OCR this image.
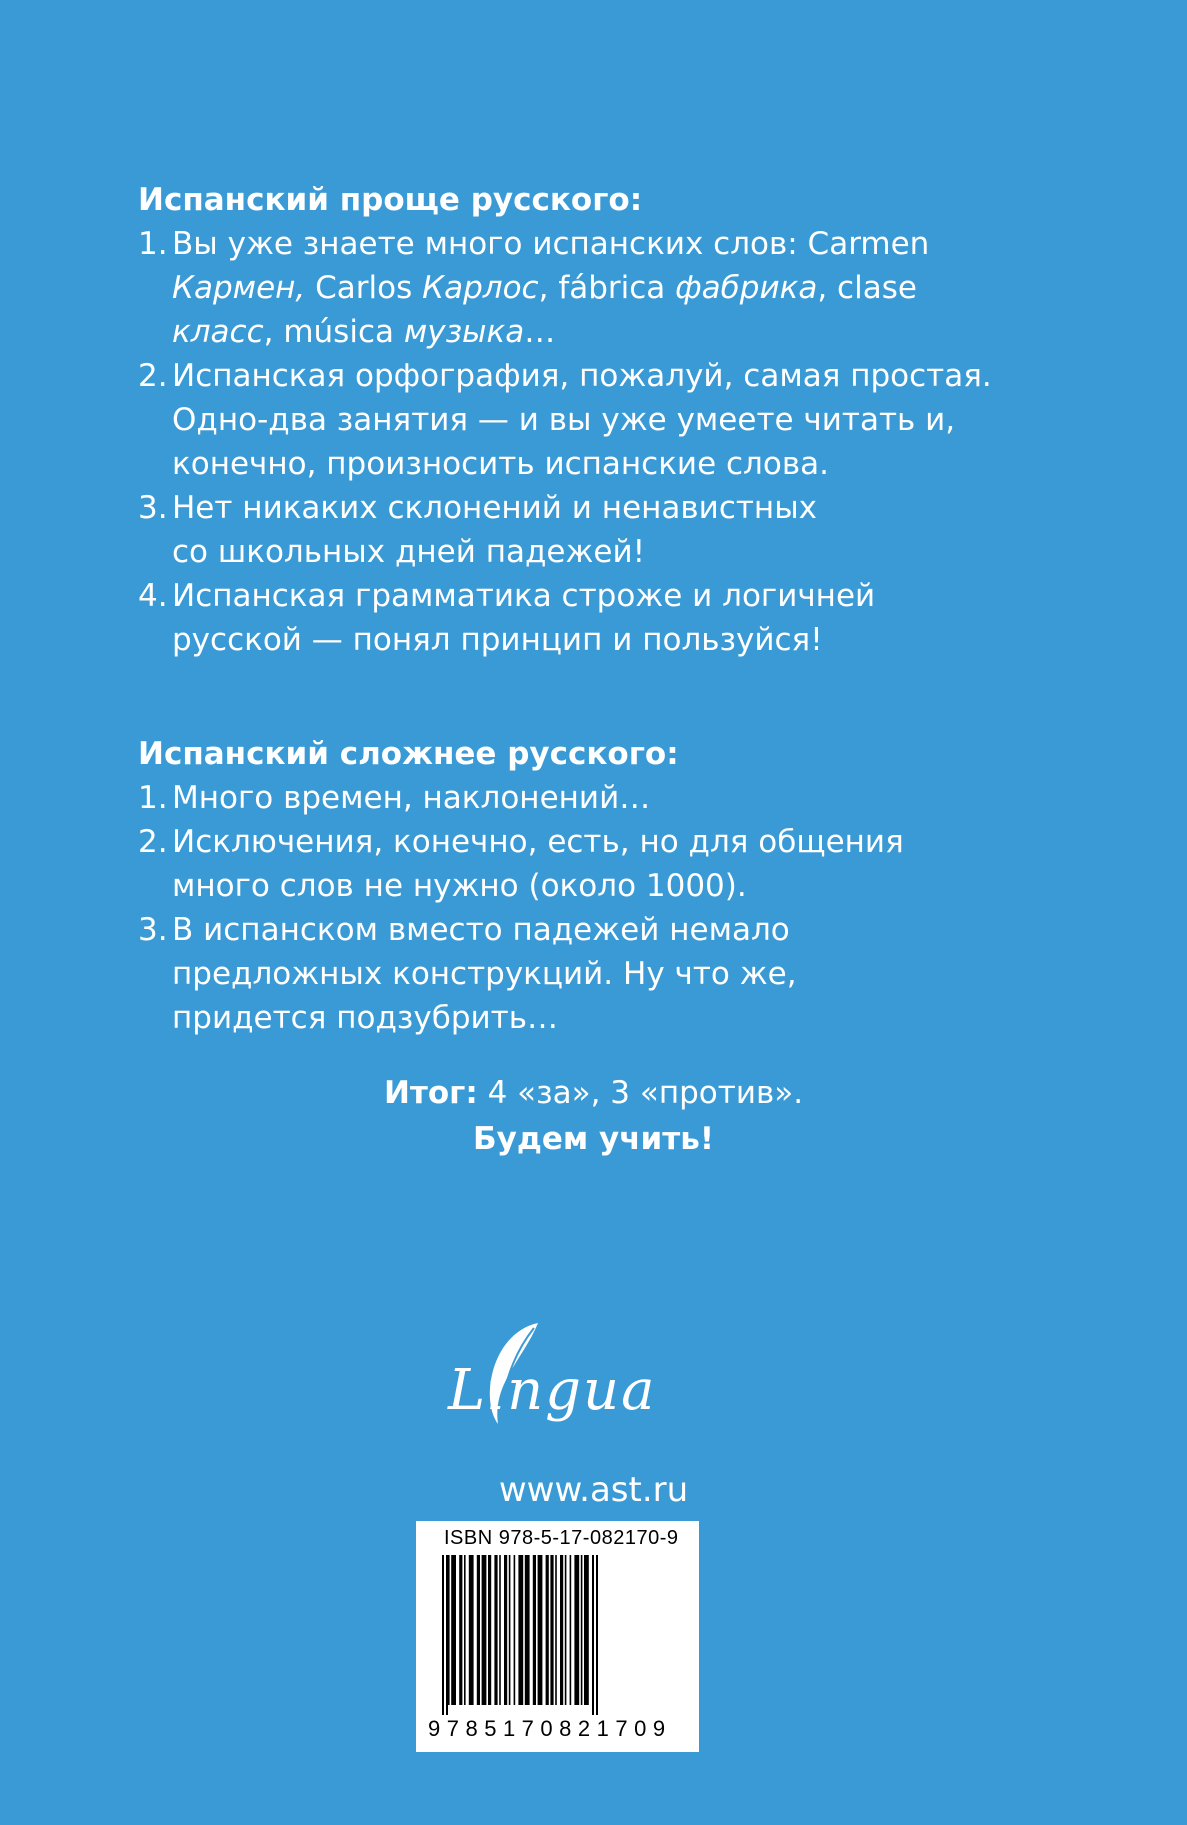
Испанский проще русского:

1. Вы уже знаете много испанских слов: Carmen
Кармен, Carlos Карлос, fábrica фабрика, clase
класс, música музыка…
2. Испанская орфография, пожалуй, самая простая.
Одно-два занятия — и вы уже умеете читать и,
конечно, произносить испанские слова.
3. Нет никаких склонений и ненавистных
со школьных дней падежей!
4. Испанская грамматика строже и логичней
русской — понял принцип и пользуйся!

Испанский сложнее русского:

1. Много времен, наклонений…
2. Исключения, конечно, есть, но для общения
много слов не нужно (около 1000).
3. В испанском вместо падежей немало
предложных конструкций. Ну что же,
придется подзубрить…
Итог: 4 «за», 3 «против».
Будем учить!
Lingua
www.ast.ru
ISBN 978-5-17-082170-9
9785170821709
